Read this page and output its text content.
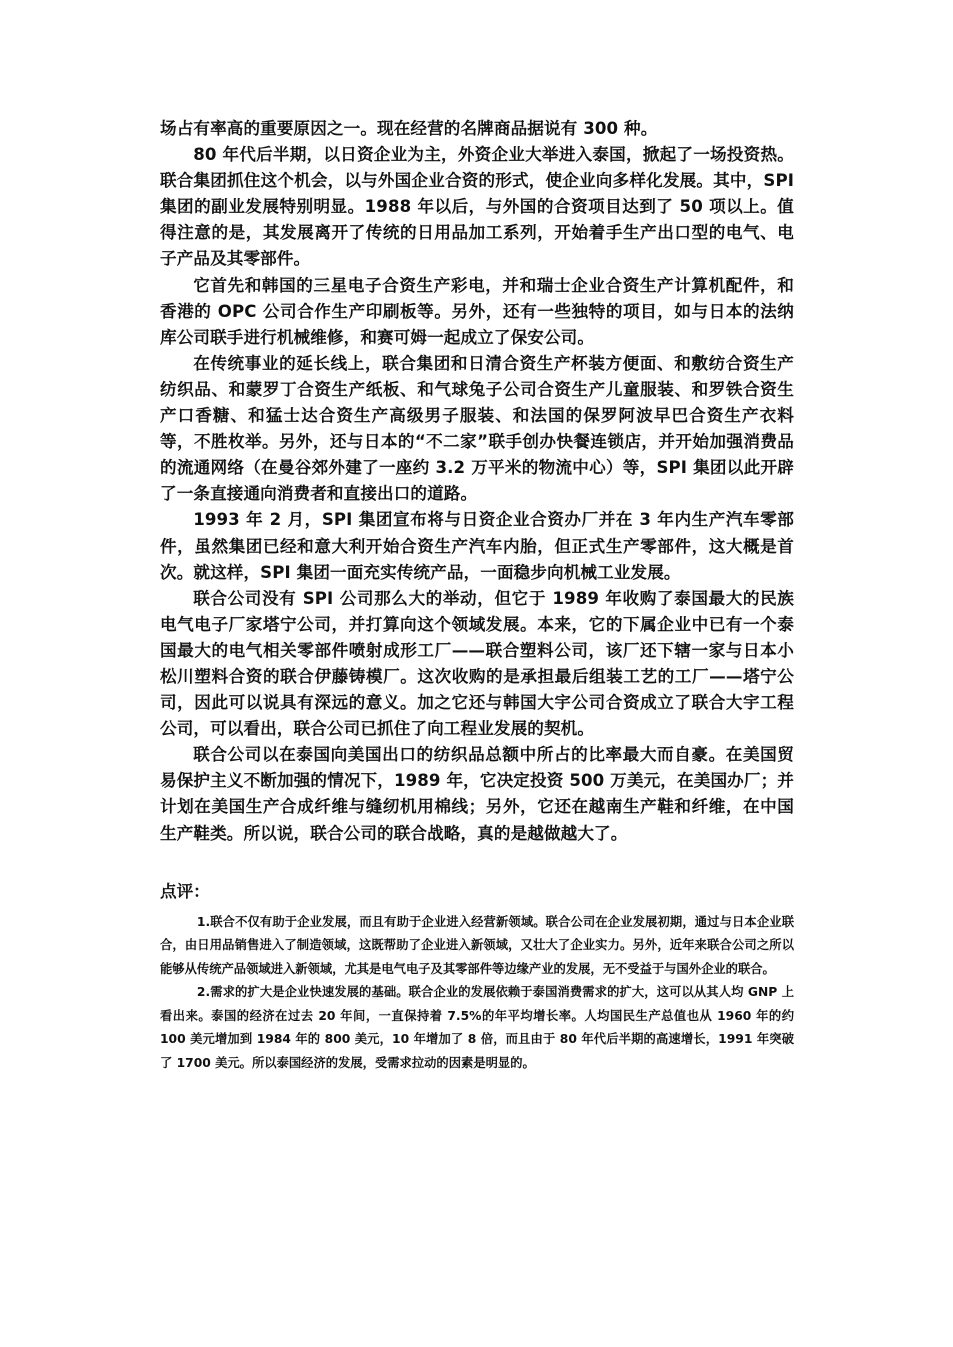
场占有率高的重要原因之一。现在经营的名牌商品据说有 300 种。

80 年代后半期，以日资企业为主，外资企业大举进入泰国，掀起了一场投资热。联合集团抓住这个机会，以与外国企业合资的形式，使企业向多样化发展。其中，SPI 集团的副业发展特别明显。1988 年以后，与外国的合资项目达到了 50 项以上。值得注意的是，其发展离开了传统的日用品加工系列，开始着手生产出口型的电气、电子产品及其零部件。

它首先和韩国的三星电子合资生产彩电，并和瑞士企业合资生产计算机配件，和香港的 OPC 公司合作生产印刷板等。另外，还有一些独特的项目，如与日本的法纳库公司联手进行机械维修，和赛可姆一起成立了保安公司。

在传统事业的延长线上，联合集团和日清合资生产杯装方便面、和敷纺合资生产纺织品、和蒙罗丁合资生产纸板、和气球兔子公司合资生产儿童服装、和罗铁合资生产口香糖、和猛士达合资生产高级男子服装、和法国的保罗阿波早巴合资生产衣料等，不胜枚举。另外，还与日本的“不二家”联手创办快餐连锁店，并开始加强消费品的流通网络（在曼谷郊外建了一座约 3.2 万平米的物流中心）等，SPI 集团以此开辟了一条直接通向消费者和直接出口的道路。

1993 年 2 月，SPI 集团宣布将与日资企业合资办厂并在 3 年内生产汽车零部件，虽然集团已经和意大利开始合资生产汽车内胎，但正式生产零部件，这大概是首次。就这样，SPI 集团一面充实传统产品，一面稳步向机械工业发展。

联合公司没有 SPI 公司那么大的举动，但它于 1989 年收购了泰国最大的民族电气电子厂家塔宁公司，并打算向这个领域发展。本来，它的下属企业中已有一个泰国最大的电气相关零部件喷射成形工厂——联合塑料公司，该厂还下辖一家与日本小松川塑料合资的联合伊藤铸模厂。这次收购的是承担最后组装工艺的工厂——塔宁公司，因此可以说具有深远的意义。加之它还与韩国大宇公司合资成立了联合大宇工程公司，可以看出，联合公司已抓住了向工程业发展的契机。

联合公司以在泰国向美国出口的纺织品总额中所占的比率最大而自豪。在美国贸易保护主义不断加强的情况下，1989 年，它决定投资 500 万美元，在美国办厂；并计划在美国生产合成纤维与缝纫机用棉线；另外，它还在越南生产鞋和纤维，在中国生产鞋类。所以说，联合公司的联合战略，真的是越做越大了。

点评：

1.联合不仅有助于企业发展，而且有助于企业进入经营新领域。联合公司在企业发展初期，通过与日本企业联合，由日用品销售进入了制造领域，这既帮助了企业进入新领域，又壮大了企业实力。另外，近年来联合公司之所以能够从传统产品领域进入新领域，尤其是电气电子及其零部件等边缘产业的发展，无不受益于与国外企业的联合。

2.需求的扩大是企业快速发展的基础。联合企业的发展依赖于泰国消费需求的扩大，这可以从其人均 GNP 上看出来。泰国的经济在过去 20 年间，一直保持着 7.5%的年平均增长率。人均国民生产总值也从 1960 年的约 100 美元增加到 1984 年的 800 美元，10 年增加了 8 倍，而且由于 80 年代后半期的高速增长，1991 年突破了 1700 美元。所以泰国经济的发展，受需求拉动的因素是明显的。
